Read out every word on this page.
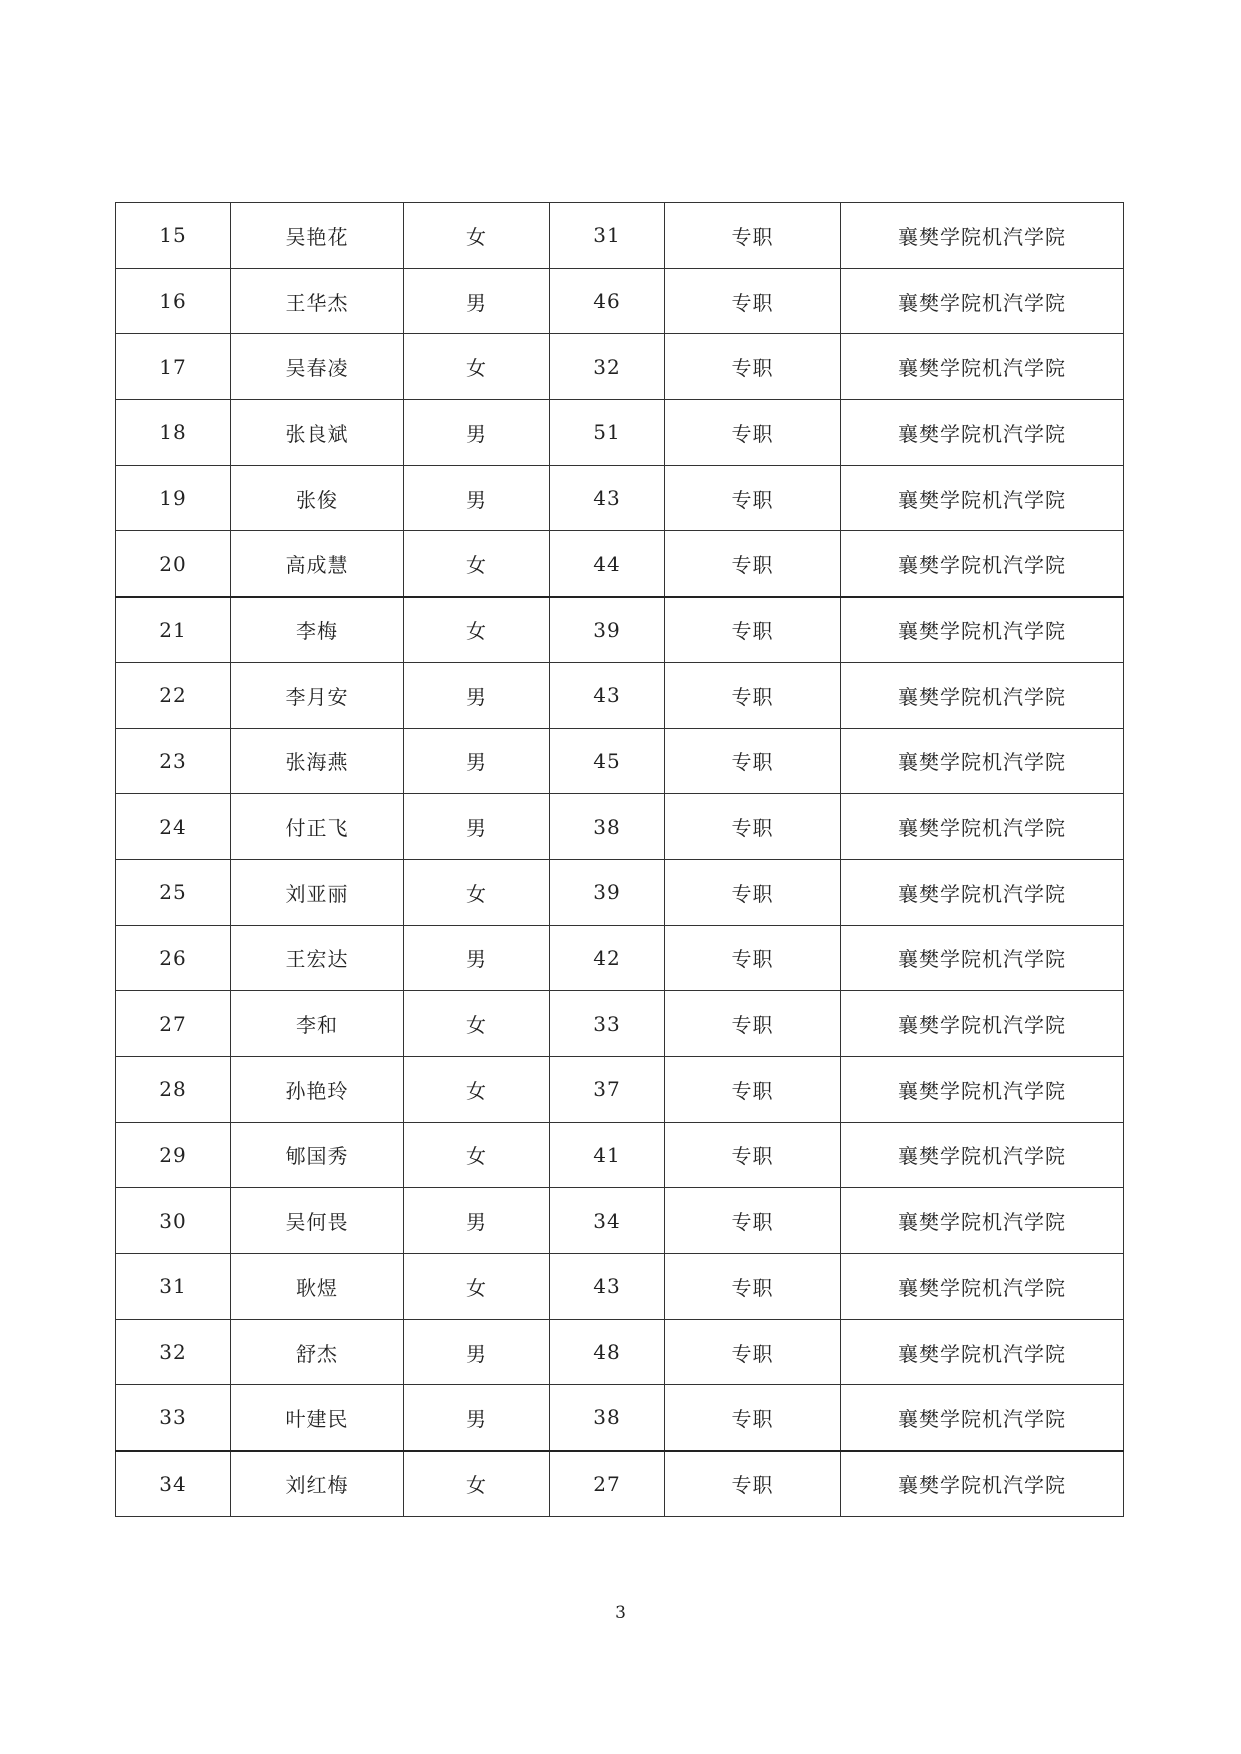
15	吴艳花	女	31	专职	襄樊学院机汽学院
16	王华杰	男	46	专职	襄樊学院机汽学院
17	吴春凌	女	32	专职	襄樊学院机汽学院
18	张良斌	男	51	专职	襄樊学院机汽学院
19	张俊	男	43	专职	襄樊学院机汽学院
20	高成慧	女	44	专职	襄樊学院机汽学院
21	李梅	女	39	专职	襄樊学院机汽学院
22	李月安	男	43	专职	襄樊学院机汽学院
23	张海燕	男	45	专职	襄樊学院机汽学院
24	付正飞	男	38	专职	襄樊学院机汽学院
25	刘亚丽	女	39	专职	襄樊学院机汽学院
26	王宏达	男	42	专职	襄樊学院机汽学院
27	李和	女	33	专职	襄樊学院机汽学院
28	孙艳玲	女	37	专职	襄樊学院机汽学院
29	郇国秀	女	41	专职	襄樊学院机汽学院
30	吴何畏	男	34	专职	襄樊学院机汽学院
31	耿煜	女	43	专职	襄樊学院机汽学院
32	舒杰	男	48	专职	襄樊学院机汽学院
33	叶建民	男	38	专职	襄樊学院机汽学院
34	刘红梅	女	27	专职	襄樊学院机汽学院
3
